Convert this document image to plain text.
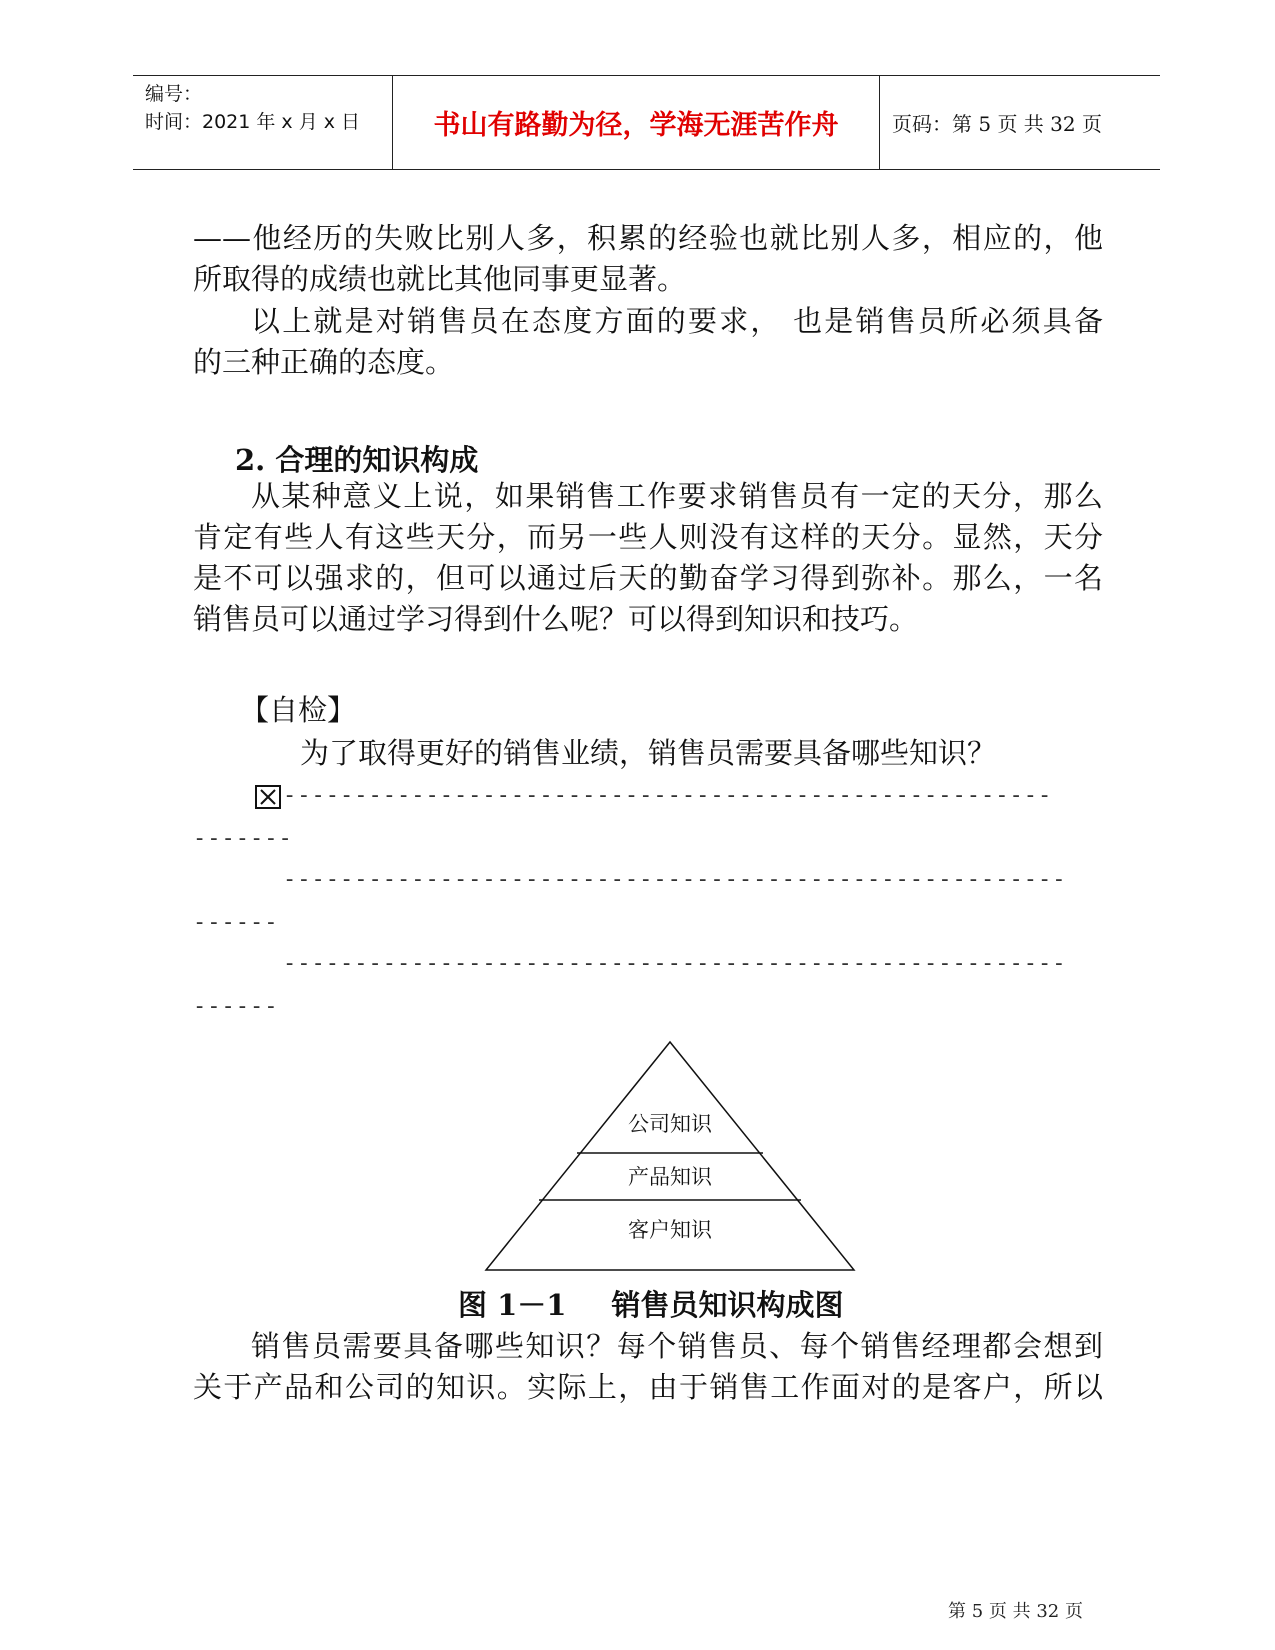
编号：
时间：2021 年 x 月 x 日	书山有路勤为径，学海无涯苦作舟	页码：第 5 页 共 32 页
——他经历的失败比别人多，积累的经验也就比别人多，相应的，他
所取得的成绩也就比其他同事更显著。
以上就是对销售员在态度方面的要求， 也是销售员所必须具备
的三种正确的态度。
2. 合理的知识构成
从某种意义上说，如果销售工作要求销售员有一定的天分，那么
肯定有些人有这些天分，而另一些人则没有这样的天分。显然，天分
是不可以强求的，但可以通过后天的勤奋学习得到弥补。那么，一名
销售员可以通过学习得到什么呢？可以得到知识和技巧。
【自检】
为了取得更好的销售业绩，销售员需要具备哪些知识？
------------------------------------------------------
-------
-------------------------------------------------------
------
-------------------------------------------------------
------
公司知识
产品知识
客户知识
图 1－1 销售员知识构成图
销售员需要具备哪些知识？每个销售员、每个销售经理都会想到
关于产品和公司的知识。实际上，由于销售工作面对的是客户，所以
第 5 页 共 32 页
